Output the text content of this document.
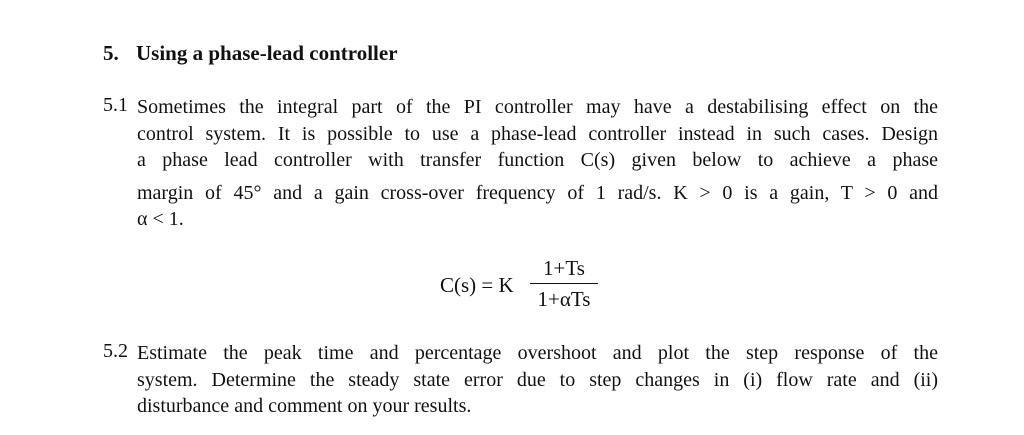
5. Using a phase-lead controller
5.1 Sometimes the integral part of the PI controller may have a destabilising effect on the
control system. It is possible to use a phase-lead controller instead in such cases. Design
a phase lead controller with transfer function C(s) given below to achieve a phase
margin of 45° and a gain cross-over frequency of 1 rad/s. K > 0 is a gain, T > 0 and
α < 1.
C(s) = K
1+Ts
1+αTs
5.2 Estimate the peak time and percentage overshoot and plot the step response of the
system. Determine the steady state error due to step changes in (i) flow rate and (ii)
disturbance and comment on your results.
